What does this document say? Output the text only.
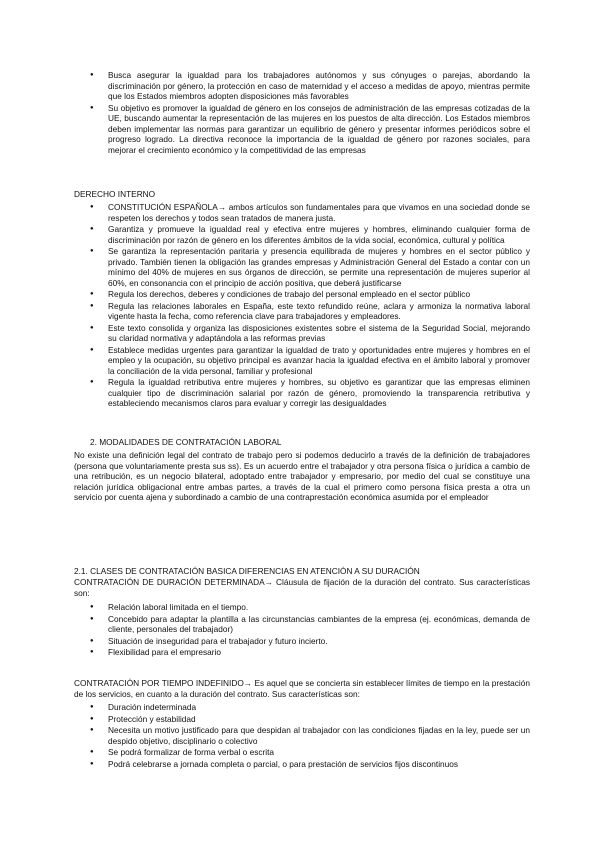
● Busca asegurar la igualdad para los trabajadores autónomos y sus cónyuges o parejas, abordando la discriminación por género, la protección en caso de maternidad y el acceso a medidas de apoyo, mientras permite que los Estados miembros adopten disposiciones más favorables
● Su objetivo es promover la igualdad de género en los consejos de administración de las empresas cotizadas de la UE, buscando aumentar la representación de las mujeres en los puestos de alta dirección. Los Estados miembros deben implementar las normas para garantizar un equilibrio de género y presentar informes periódicos sobre el progreso logrado. La directiva reconoce la importancia de la igualdad de género por razones sociales, para mejorar el crecimiento económico y la competitividad de las empresas
DERECHO INTERNO
● CONSTITUCIÓN ESPAÑOLA→ ambos artículos son fundamentales para que vivamos en una sociedad donde se respeten los derechos y todos sean tratados de manera justa.
● Garantiza y promueve la igualdad real y efectiva entre mujeres y hombres, eliminando cualquier forma de discriminación por razón de género en los diferentes ámbitos de la vida social, económica, cultural y política
● Se garantiza la representación paritaria y presencia equilibrada de mujeres y hombres en el sector público y privado. También tienen la obligación las grandes empresas y Administración General del Estado a contar con un mínimo del 40% de mujeres en sus órganos de dirección, se permite una representación de mujeres superior al 60%, en consonancia con el principio de acción positiva, que deberá justificarse
● Regula los derechos, deberes y condiciones de trabajo del personal empleado en el sector público
● Regula las relaciones laborales en España, este texto refundido reúne, aclara y armoniza la normativa laboral vigente hasta la fecha, como referencia clave para trabajadores y empleadores.
● Este texto consolida y organiza las disposiciones existentes sobre el sistema de la Seguridad Social, mejorando su claridad normativa y adaptándola a las reformas previas
● Establece medidas urgentes para garantizar la igualdad de trato y oportunidades entre mujeres y hombres en el empleo y la ocupación, su objetivo principal es avanzar hacia la igualdad efectiva en el ámbito laboral y promover la conciliación de la vida personal, familiar y profesional
● Regula la igualdad retributiva entre mujeres y hombres, su objetivo es garantizar que las empresas eliminen cualquier tipo de discriminación salarial por razón de género, promoviendo la transparencia retributiva y estableciendo mecanismos claros para evaluar y corregir las desigualdades
2. MODALIDADES DE CONTRATACIÓN LABORAL
No existe una definición legal del contrato de trabajo pero si podemos deducirlo a través de la definición de trabajadores (persona que voluntariamente presta sus ss). Es un acuerdo entre el trabajador y otra persona física o jurídica a cambio de una retribución, es un negocio bilateral, adoptado entre trabajador y empresario, por medio del cual se constituye una relación jurídica obligacional entre ambas partes, a través de la cual el primero como persona física presta a otra un servicio por cuenta ajena y subordinado a cambio de una contraprestación económica asumida por el empleador
2.1. CLASES DE CONTRATACIÓN BASICA DIFERENCIAS EN ATENCIÓN A SU DURACIÓN
CONTRATACIÓN DE DURACIÓN DETERMINADA→ Cláusula de fijación de la duración del contrato. Sus características son:
● Relación laboral limitada en el tiempo.
● Concebido para adaptar la plantilla a las circunstancias cambiantes de la empresa (ej. económicas, demanda de cliente, personales del trabajador)
● Situación de inseguridad para el trabajador y futuro incierto.
● Flexibilidad para el empresario
CONTRATACIÓN POR TIEMPO INDEFINIDO→ Es aquel que se concierta sin establecer límites de tiempo en la prestación de los servicios, en cuanto a la duración del contrato. Sus características son:
● Duración indeterminada
● Protección y estabilidad
● Necesita un motivo justificado para que despidan al trabajador con las condiciones fijadas en la ley, puede ser un despido objetivo, disciplinario o colectivo
● Se podrá formalizar de forma verbal o escrita
● Podrá celebrarse a jornada completa o parcial, o para prestación de servicios fijos discontinuos
